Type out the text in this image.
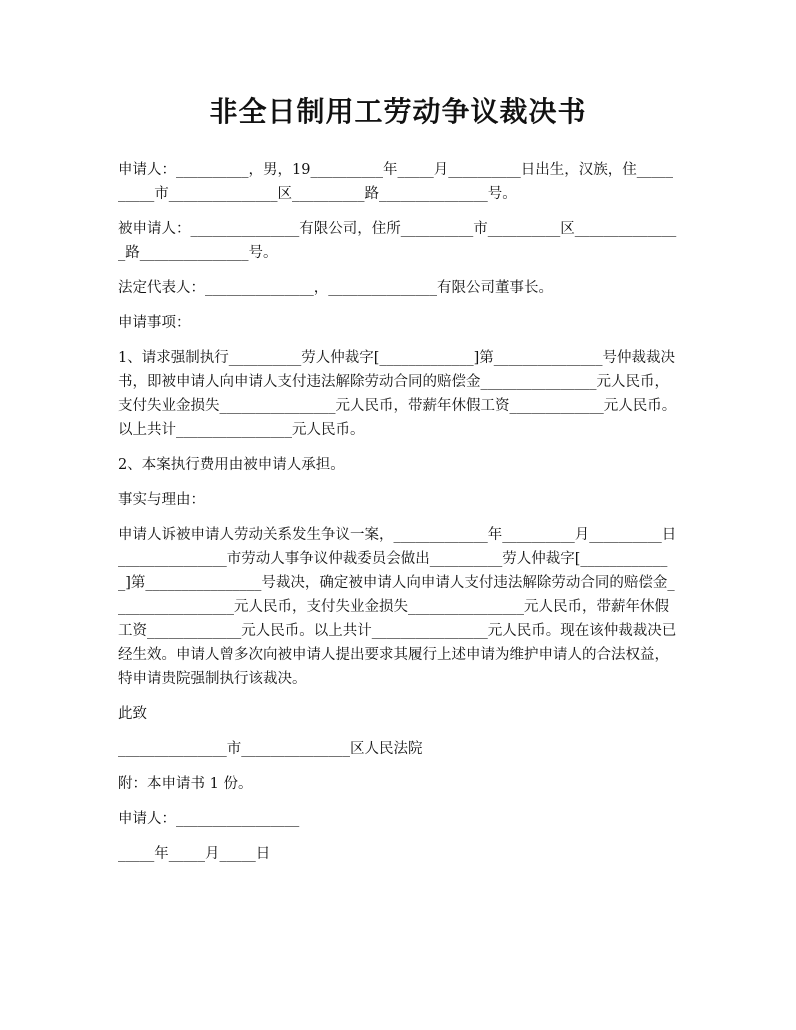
非全日制用工劳动争议裁决书

申请人：__________，男，19__________年_____月__________日出生，汉族，住__________市_______________区__________路_______________号。

被申请人：_______________有限公司，住所__________市__________区_______________路_______________号。

法定代表人：_______________，_______________有限公司董事长。

申请事项：

1、请求强制执行__________劳人仲裁字[_____________]第_______________号仲裁裁决书，即被申请人向申请人支付违法解除劳动合同的赔偿金________________元人民币，支付失业金损失________________元人民币，带薪年休假工资_____________元人民币。以上共计________________元人民币。

2、本案执行费用由被申请人承担。

事实与理由：

申请人诉被申请人劳动关系发生争议一案，_____________年__________月__________日_______________市劳动人事争议仲裁委员会做出__________劳人仲裁字[_____________]第________________号裁决，确定被申请人向申请人支付违法解除劳动合同的赔偿金_________________元人民币，支付失业金损失________________元人民币，带薪年休假工资_____________元人民币。以上共计________________元人民币。现在该仲裁裁决已经生效。申请人曾多次向被申请人提出要求其履行上述申请为维护申请人的合法权益，特申请贵院强制执行该裁决。

此致

_______________市_______________区人民法院

附：本申请书 1 份。

申请人：_________________

_____年_____月_____日
